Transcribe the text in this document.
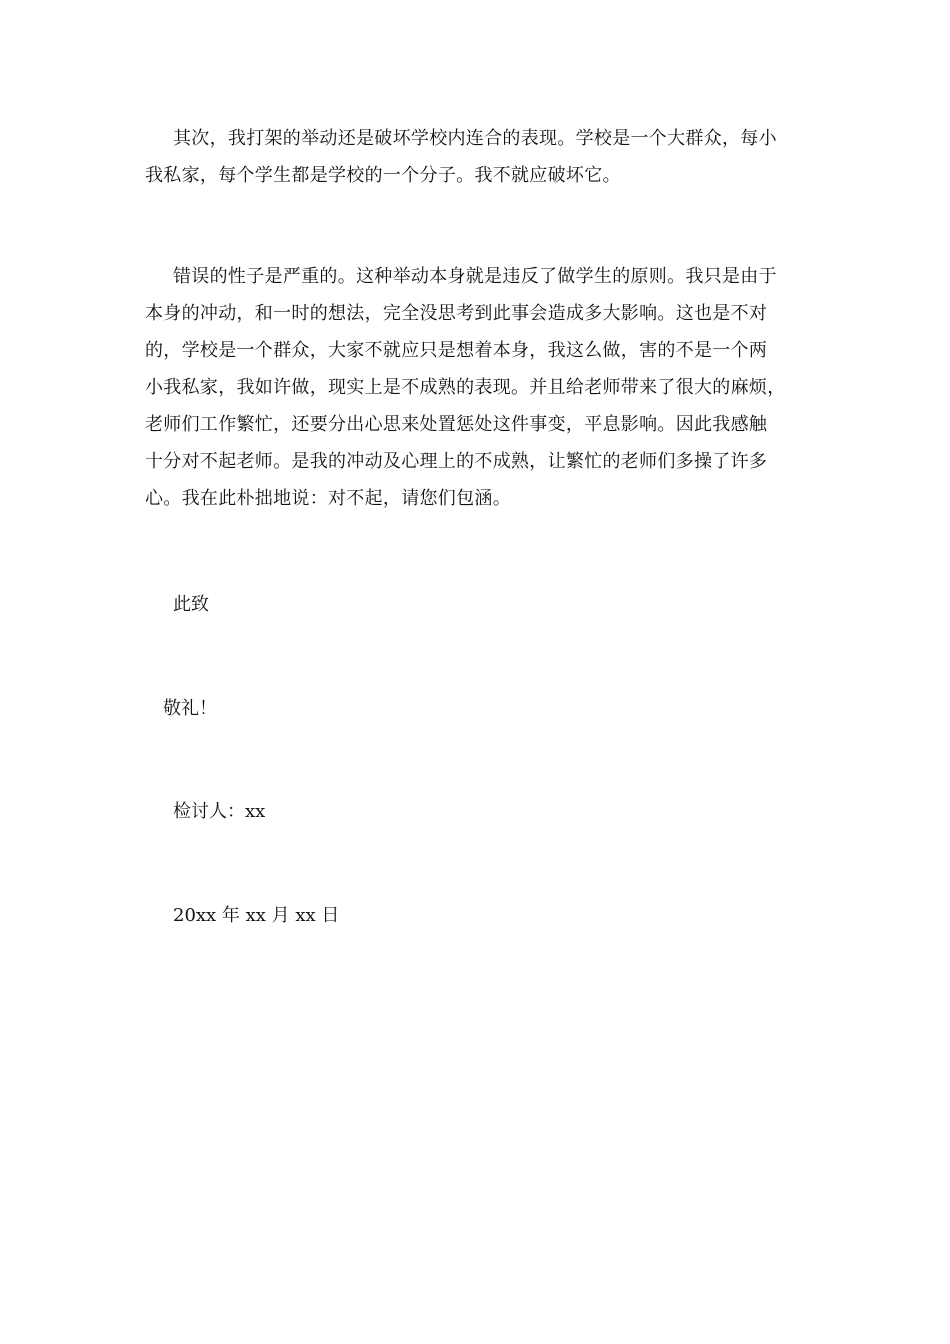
其次，我打架的举动还是破坏学校内连合的表现。学校是一个大群众，每小
我私家，每个学生都是学校的一个分子。我不就应破坏它。

错误的性子是严重的。这种举动本身就是违反了做学生的原则。我只是由于
本身的冲动，和一时的想法，完全没思考到此事会造成多大影响。这也是不对
的，学校是一个群众，大家不就应只是想着本身，我这么做，害的不是一个两
小我私家，我如许做，现实上是不成熟的表现。并且给老师带来了很大的麻烦，
老师们工作繁忙，还要分出心思来处置惩处这件事变，平息影响。因此我感触
十分对不起老师。是我的冲动及心理上的不成熟，让繁忙的老师们多操了许多
心。我在此朴拙地说：对不起，请您们包涵。

此致

敬礼！

检讨人：xx

20xx 年 xx 月 xx 日
